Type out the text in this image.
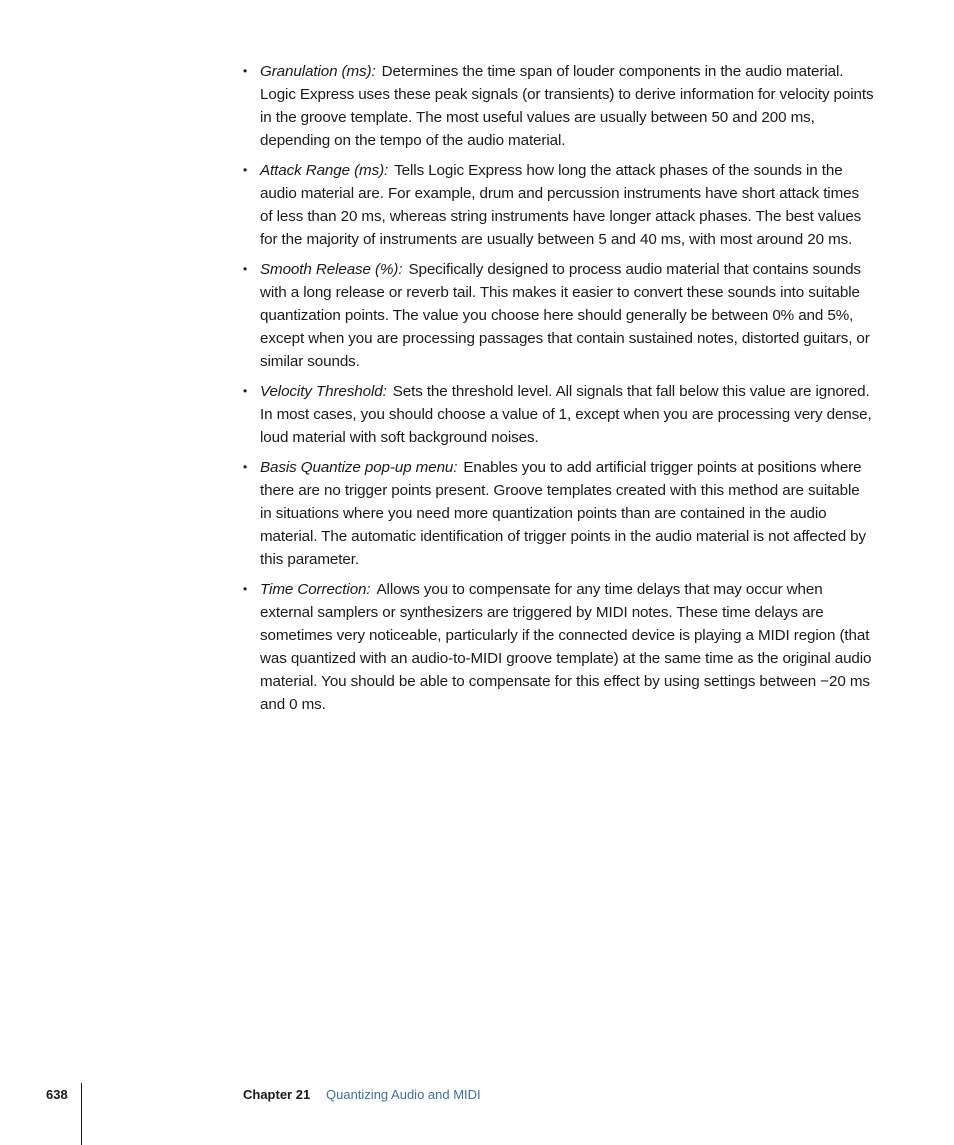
• Granulation (ms): Determines the time span of louder components in the audio material. Logic Express uses these peak signals (or transients) to derive information for velocity points in the groove template. The most useful values are usually between 50 and 200 ms, depending on the tempo of the audio material.
• Attack Range (ms): Tells Logic Express how long the attack phases of the sounds in the audio material are. For example, drum and percussion instruments have short attack times of less than 20 ms, whereas string instruments have longer attack phases. The best values for the majority of instruments are usually between 5 and 40 ms, with most around 20 ms.
• Smooth Release (%): Specifically designed to process audio material that contains sounds with a long release or reverb tail. This makes it easier to convert these sounds into suitable quantization points. The value you choose here should generally be between 0% and 5%, except when you are processing passages that contain sustained notes, distorted guitars, or similar sounds.
• Velocity Threshold: Sets the threshold level. All signals that fall below this value are ignored. In most cases, you should choose a value of 1, except when you are processing very dense, loud material with soft background noises.
• Basis Quantize pop-up menu: Enables you to add artificial trigger points at positions where there are no trigger points present. Groove templates created with this method are suitable in situations where you need more quantization points than are contained in the audio material. The automatic identification of trigger points in the audio material is not affected by this parameter.
• Time Correction: Allows you to compensate for any time delays that may occur when external samplers or synthesizers are triggered by MIDI notes. These time delays are sometimes very noticeable, particularly if the connected device is playing a MIDI region (that was quantized with an audio-to-MIDI groove template) at the same time as the original audio material. You should be able to compensate for this effect by using settings between −20 ms and 0 ms.
638	Chapter 21 Quantizing Audio and MIDI
